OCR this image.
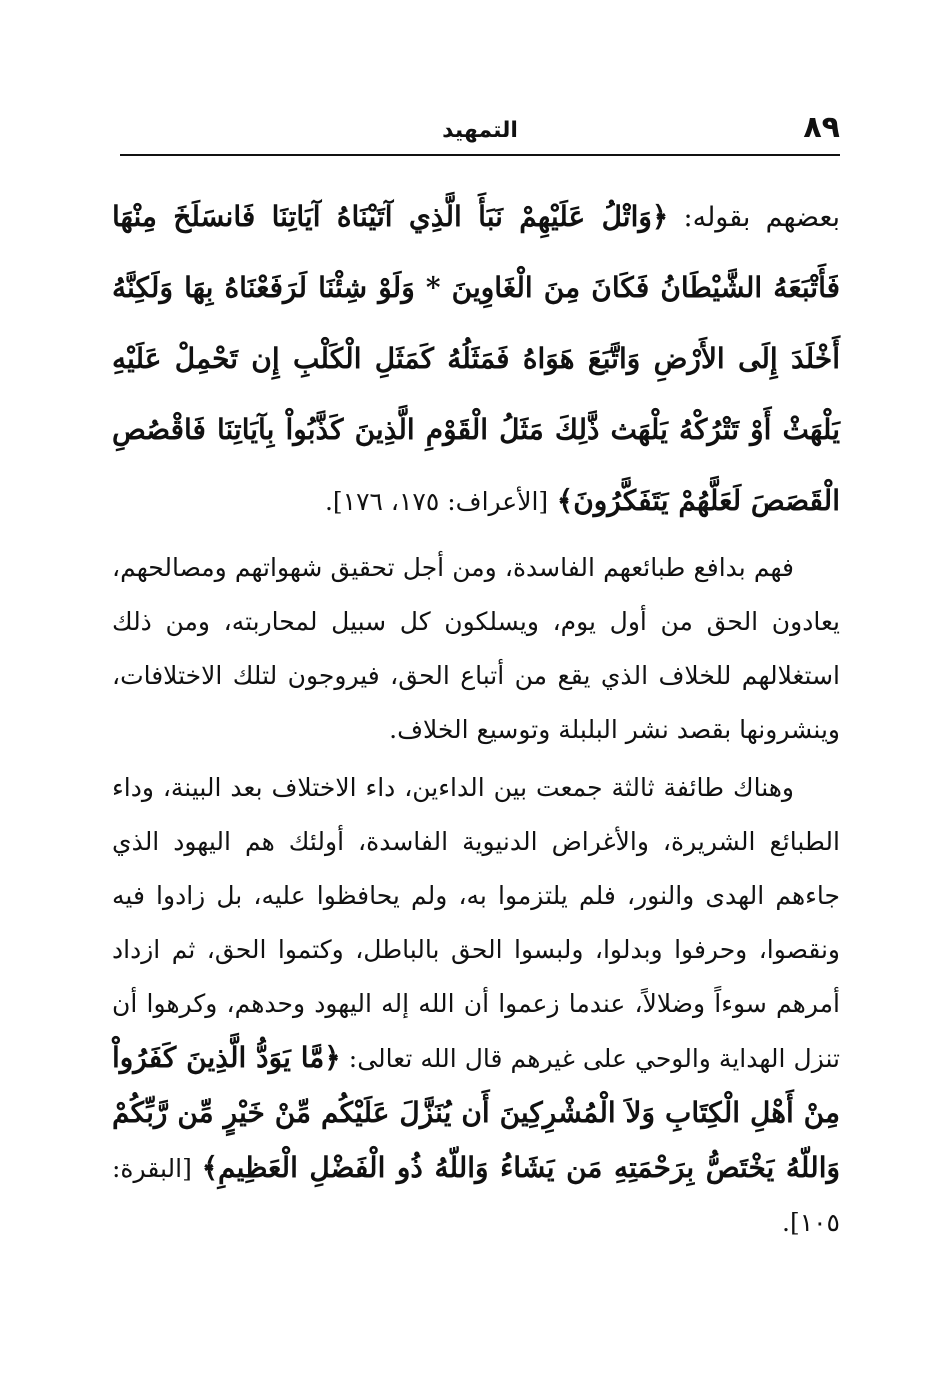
٨٩
التمهيد

بعضهم بقوله: ﴿وَاتْلُ عَلَيْهِمْ نَبَأَ الَّذِي آتَيْنَاهُ آيَاتِنَا فَانسَلَخَ مِنْهَا فَأَتْبَعَهُ الشَّيْطَانُ فَكَانَ مِنَ الْغَاوِينَ * وَلَوْ شِئْنَا لَرَفَعْنَاهُ بِهَا وَلَكِنَّهُ أَخْلَدَ إِلَى الأَرْضِ وَاتَّبَعَ هَوَاهُ فَمَثَلُهُ كَمَثَلِ الْكَلْبِ إِن تَحْمِلْ عَلَيْهِ يَلْهَثْ أَوْ تَتْرُكْهُ يَلْهَث ذَّلِكَ مَثَلُ الْقَوْمِ الَّذِينَ كَذَّبُواْ بِآيَاتِنَا فَاقْصُصِ الْقَصَصَ لَعَلَّهُمْ يَتَفَكَّرُونَ﴾ [الأعراف: ١٧٥، ١٧٦].

فهم بدافع طبائعهم الفاسدة، ومن أجل تحقيق شهواتهم ومصالحهم، يعادون الحق من أول يوم، ويسلكون كل سبيل لمحاربته، ومن ذلك استغلالهم للخلاف الذي يقع من أتباع الحق، فيروجون لتلك الاختلافات، وينشرونها بقصد نشر البلبلة وتوسيع الخلاف.

وهناك طائفة ثالثة جمعت بين الداءين، داء الاختلاف بعد البينة، وداء الطبائع الشريرة، والأغراض الدنيوية الفاسدة، أولئك هم اليهود الذي جاءهم الهدى والنور، فلم يلتزموا به، ولم يحافظوا عليه، بل زادوا فيه ونقصوا، وحرفوا وبدلوا، ولبسوا الحق بالباطل، وكتموا الحق، ثم ازداد أمرهم سوءاً وضلالاً، عندما زعموا أن الله إله اليهود وحدهم، وكرهوا أن تنزل الهداية والوحي على غيرهم قال الله تعالى: ﴿مَّا يَوَدُّ الَّذِينَ كَفَرُواْ مِنْ أَهْلِ الْكِتَابِ وَلاَ الْمُشْرِكِينَ أَن يُنَزَّلَ عَلَيْكُم مِّنْ خَيْرٍ مِّن رَّبِّكُمْ وَاللّهُ يَخْتَصُّ بِرَحْمَتِهِ مَن يَشَاءُ وَاللّهُ ذُو الْفَضْلِ الْعَظِيمِ﴾ [البقرة: ١٠٥].
